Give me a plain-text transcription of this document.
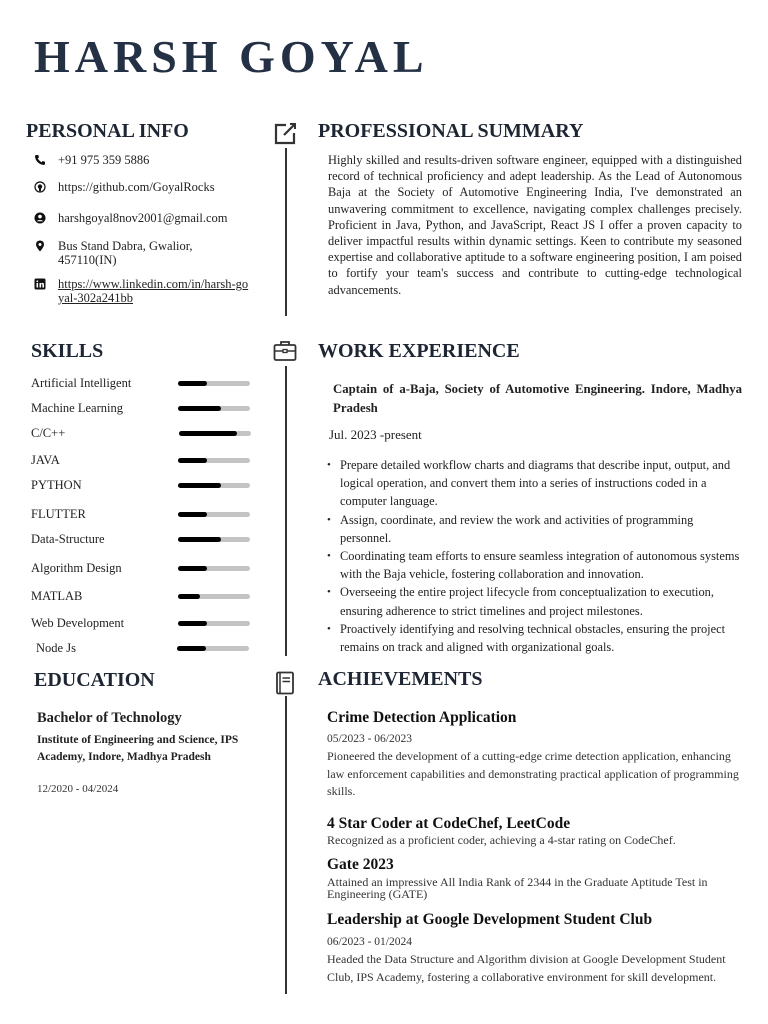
HARSH GOYAL
PERSONAL INFO	PROFESSIONAL SUMMARY
SKILLS	WORK EXPERIENCE
EDUCATION	ACHIEVEMENTS
+91 975 359 5886
https://github.com/GoyalRocks
harshgoyal8nov2001@gmail.com
Bus Stand Dabra, Gwalior, 457110(IN)
https://www.linkedin.com/in/harsh-goyal-302a241bb
Highly skilled and results-driven software engineer, equipped with a distinguished record of technical proficiency and adept leadership. As the Lead of Autonomous Baja at the Society of Automotive Engineering India, I've demonstrated an unwavering commitment to excellence, navigating complex challenges precisely. Proficient in Java, Python, and JavaScript, React JS I offer a proven capacity to deliver impactful results within dynamic settings. Keen to contribute my seasoned expertise and collaborative aptitude to a software engineering position, I am poised to fortify your team's success and contribute to cutting-edge technological advancements.
Artificial Intelligent
Machine Learning
C/C++
JAVA
PYTHON
FLUTTER
Data-Structure
Algorithm Design
MATLAB
Web Development
Node Js
Captain of a-Baja, Society of Automotive Engineering. Indore, Madhya Pradesh
Jul. 2023 -present
• Prepare detailed workflow charts and diagrams that describe input, output, and logical operation, and convert them into a series of instructions coded in a computer language.
• Assign, coordinate, and review the work and activities of programming personnel.
• Coordinating team efforts to ensure seamless integration of autonomous systems with the Baja vehicle, fostering collaboration and innovation.
• Overseeing the entire project lifecycle from conceptualization to execution, ensuring adherence to strict timelines and project milestones.
• Proactively identifying and resolving technical obstacles, ensuring the project remains on track and aligned with organizational goals.
Bachelor of Technology
Institute of Engineering and Science, IPS Academy, Indore, Madhya Pradesh
12/2020 - 04/2024
Crime Detection Application
05/2023 - 06/2023
Pioneered the development of a cutting-edge crime detection application, enhancing law enforcement capabilities and demonstrating practical application of programming skills.
4 Star Coder at CodeChef, LeetCode
Recognized as a proficient coder, achieving a 4-star rating on CodeChef.
Gate 2023
Attained an impressive All India Rank of 2344 in the Graduate Aptitude Test in Engineering (GATE)
Leadership at Google Development Student Club
06/2023 - 01/2024
Headed the Data Structure and Algorithm division at Google Development Student Club, IPS Academy, fostering a collaborative environment for skill development.
